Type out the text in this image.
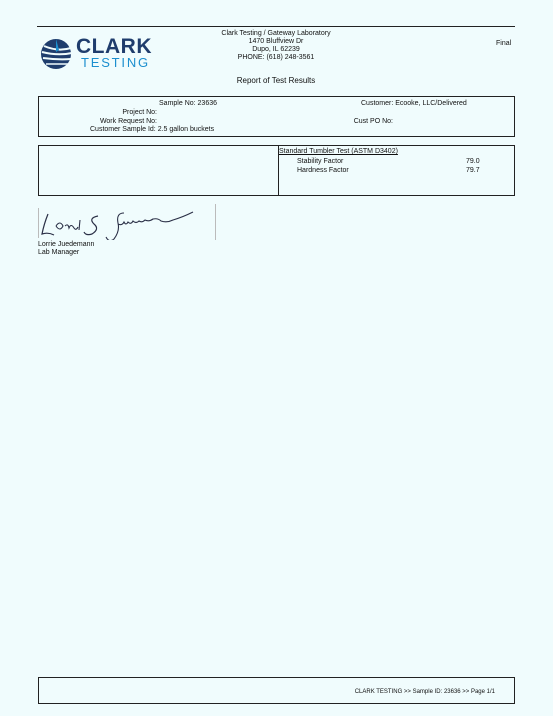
CLARK
TESTING
Clark Testing / Gateway Laboratory
1470 Bluffview Dr
Dupo, IL 62239
PHONE: (618) 248-3561
Final
Report of Test Results
Sample No: 23636	Customer: Ecooke, LLC/Delivered
Project No:
Work Request No:	Cust PO No:
Customer Sample Id: 2.5 gallon buckets
Standard Tumbler Test (ASTM D3402)
Stability Factor	79.0
Hardness Factor	79.7
Lorrie Juedemann
Lab Manager
CLARK TESTING >> Sample ID: 23636 >> Page 1/1
